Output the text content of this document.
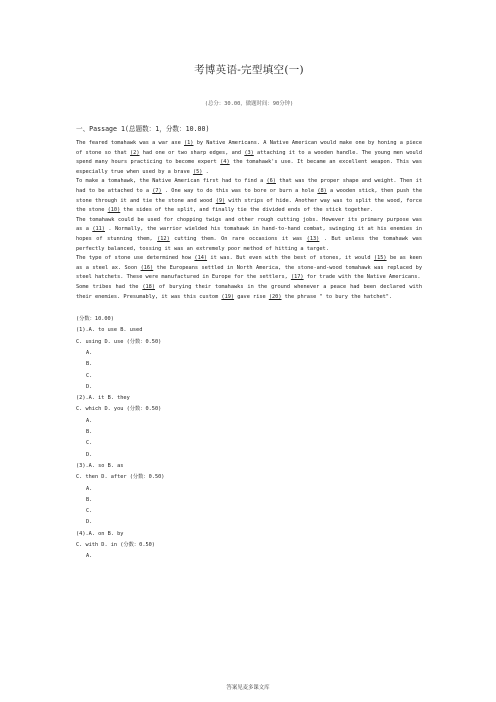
考博英语-完型填空(一)
(总分：30.00，做题时间：90分钟)
一、Passage 1(总题数：1，分数：10.00)

The feared tomahawk was a war axe (1) by Native Americans. A Native American would make one by honing a piece of stone so that (2) had one or two sharp edges, and (3) attaching it to a wooden handle. The young men would spend many hours practicing to become expert (4) the tomahawk's use. It became an excellent weapon. This was especially true when used by a brave (5) .

To make a tomahawk, the Native American first had to find a (6) that was the proper shape and weight. Then it had to be attached to a (7) . One way to do this was to bore or burn a hole (8) a wooden stick, then push the stone through it and tie the stone and wood (9) with strips of hide. Another way was to split the wood, force the stone (10) the sides of the split, and finally tie the divided ends of the stick together.

The tomahawk could be used for chopping twigs and other rough cutting jobs. However its primary purpose was as a (11) . Normally, the warrior wielded his tomahawk in hand-to-hand combat, swinging it at his enemies in hopes of stunning them, (12) cutting them. On rare occasions it was (13) . But unless the tomahawk was perfectly balanced, tossing it was an extremely poor method of hitting a target.

The type of stone use determined how (14) it was. But even with the best of stones, it would (15) be as keen as a steel ax. Soon (16) the Europeans settled in North America, the stone-and-wood tomahawk was replaced by steel hatchets. These were manufactured in Europe for the settlers, (17) for trade with the Native Americans.

Some tribes had the (18) of burying their tomahawks in the ground whenever a peace had been declared with their enemies. Presumably, it was this custom (19) gave rise (20) the phrase " to bury the hatchet".

(分数：10.00)

(1).A. to use B. used

C. using D. use (分数：0.50)

A.

B.

C.

D.

(2).A. it B. they

C. which D. you (分数：0.50)

A.

B.

C.

D.

(3).A. so B. as

C. then D. after (分数：0.50)

A.

B.

C.

D.

(4).A. on B. by

C. with D. in (分数：0.50)

A.

答案见麦多课文库
